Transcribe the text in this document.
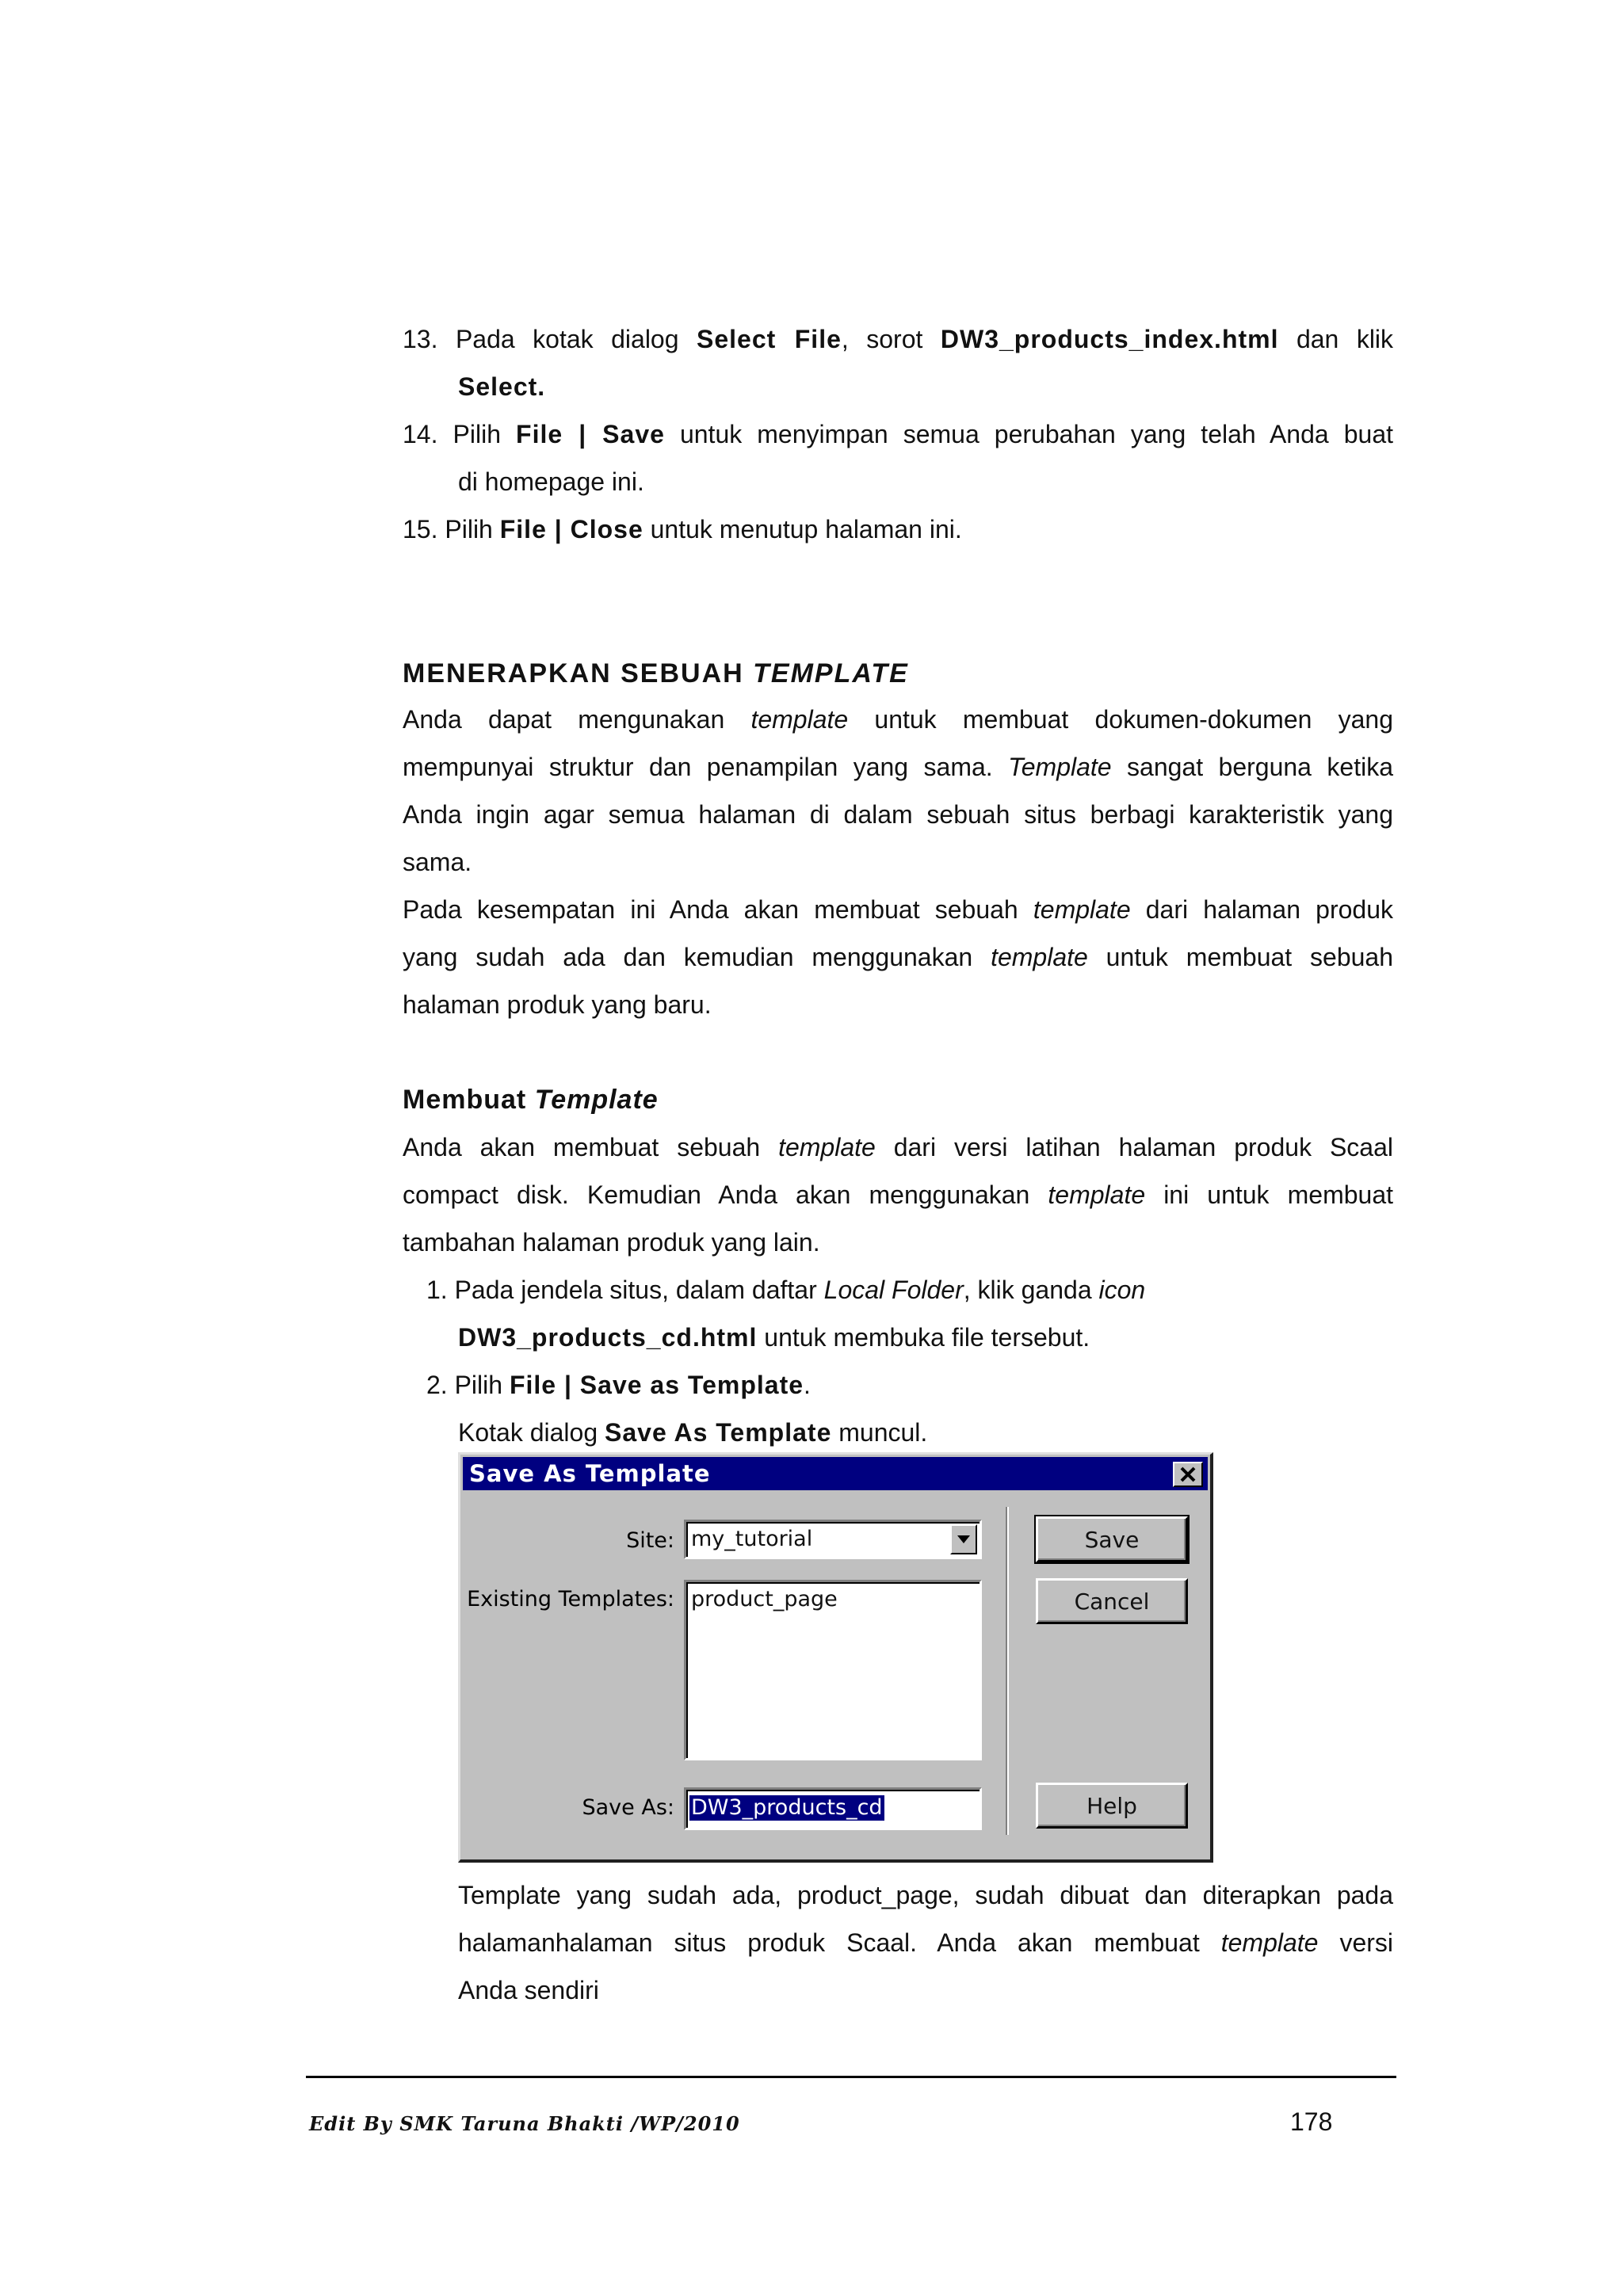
13. Pada kotak dialog Select File, sorot DW3_products_index.html dan klik
Select.
14. Pilih File | Save untuk menyimpan semua perubahan yang telah Anda buat
di homepage ini.
15. Pilih File | Close untuk menutup halaman ini.
MENERAPKAN SEBUAH TEMPLATE
Anda dapat mengunakan template untuk membuat dokumen-dokumen yang
mempunyai struktur dan penampilan yang sama. Template sangat berguna ketika
Anda ingin agar semua halaman di dalam sebuah situs berbagi karakteristik yang
sama.
Pada kesempatan ini Anda akan membuat sebuah template dari halaman produk
yang sudah ada dan kemudian menggunakan template untuk membuat sebuah
halaman produk yang baru.
Membuat Template
Anda akan membuat sebuah template dari versi latihan halaman produk Scaal
compact disk. Kemudian Anda akan menggunakan template ini untuk membuat
tambahan halaman produk yang lain.
1. Pada jendela situs, dalam daftar Local Folder, klik ganda icon
DW3_products_cd.html untuk membuka file tersebut.
2. Pilih File | Save as Template.
Kotak dialog Save As Template muncul.
Save As Template
Site: my_tutorial
Existing Templates: product_page
Save As: DW3_products_cd
Save
Cancel
Help
Template yang sudah ada, product_page, sudah dibuat dan diterapkan pada
halamanhalaman situs produk Scaal. Anda akan membuat template versi
Anda sendiri
Edit By SMK Taruna Bhakti /WP/2010	178
